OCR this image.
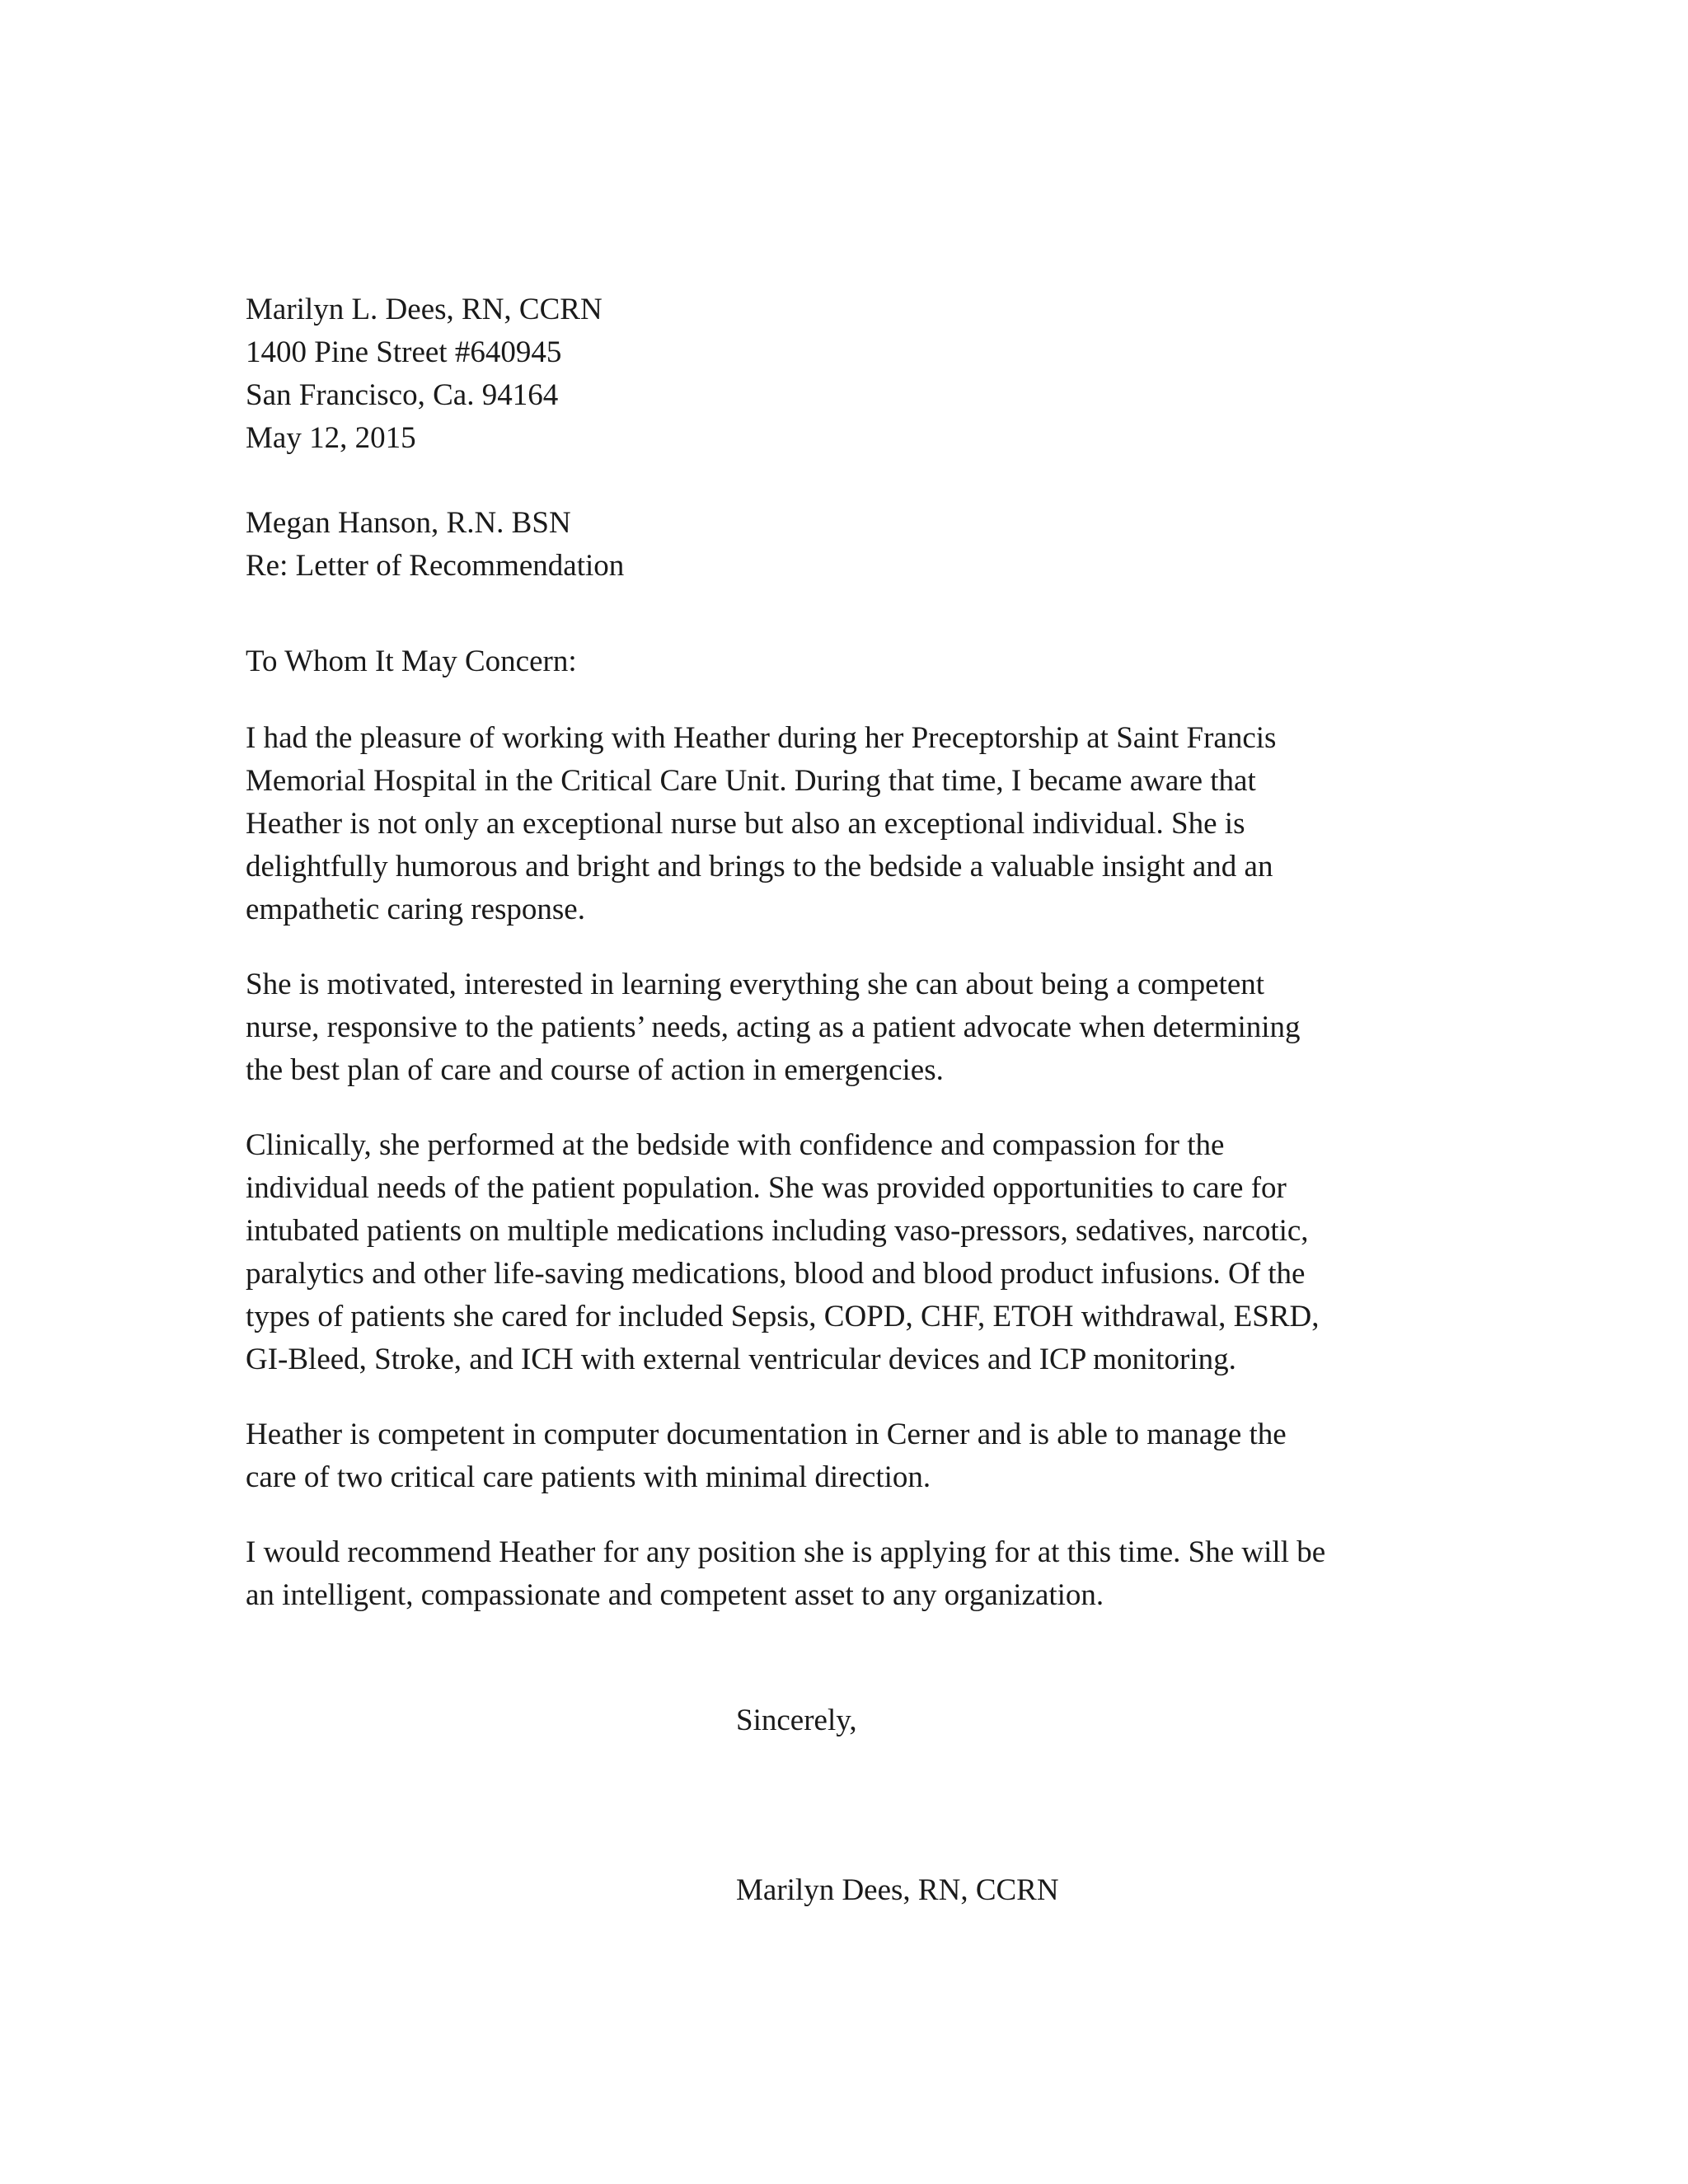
Marilyn L. Dees, RN, CCRN
1400 Pine Street #640945
San Francisco, Ca. 94164
May 12, 2015
Megan Hanson, R.N. BSN
Re: Letter of Recommendation
To Whom It May Concern:
I had the pleasure of working with Heather during her Preceptorship at Saint Francis
Memorial Hospital in the Critical Care Unit. During that time, I became aware that
Heather is not only an exceptional nurse but also an exceptional individual. She is
delightfully humorous and bright and brings to the bedside a valuable insight and an
empathetic caring response.
She is motivated, interested in learning everything she can about being a competent
nurse, responsive to the patients’ needs, acting as a patient advocate when determining
the best plan of care and course of action in emergencies.
Clinically, she performed at the bedside with confidence and compassion for the
individual needs of the patient population. She was provided opportunities to care for
intubated patients on multiple medications including vaso-pressors, sedatives, narcotic,
paralytics and other life-saving medications, blood and blood product infusions. Of the
types of patients she cared for included Sepsis, COPD, CHF, ETOH withdrawal, ESRD,
GI-Bleed, Stroke, and ICH with external ventricular devices and ICP monitoring.
Heather is competent in computer documentation in Cerner and is able to manage the
care of two critical care patients with minimal direction.
I would recommend Heather for any position she is applying for at this time. She will be
an intelligent, compassionate and competent asset to any organization.
Sincerely,
Marilyn Dees, RN, CCRN
